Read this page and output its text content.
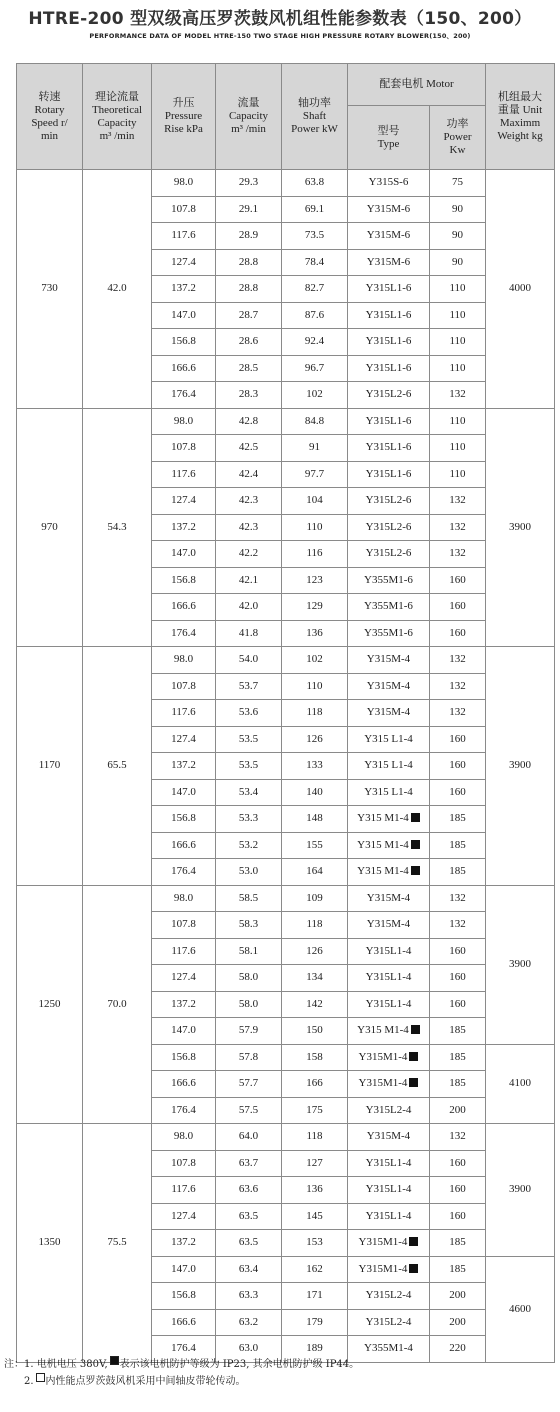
HTRE-200 型双级高压罗茨鼓风机组性能参数表（150、200）
PERFORMANCE DATA OF MODEL HTRE-150 TWO STAGE HIGH PRESSURE ROTARY BLOWER(150、200)
转速
Rotary
Speed r/
min	理论流量
Theoretical
Capacity
m³ /min	升压
Pressure
Rise kPa	流量
Capacity
m³ /min	轴功率
Shaft
Power kW	配套电机 Motor		机组最大
重量 Unit
Maximm
Weight kg

					型号
Type	功率
Power
Kw	

730	42.0	98.0	29.3	63.8	Y315S-6	75	4000
		107.8	29.1	69.1	Y315M-6	90	
		117.6	28.9	73.5	Y315M-6	90	
		127.4	28.8	78.4	Y315M-6	90	
		137.2	28.8	82.7	Y315L1-6	110	
		147.0	28.7	87.6	Y315L1-6	110	
		156.8	28.6	92.4	Y315L1-6	110	
		166.6	28.5	96.7	Y315L1-6	110	
		176.4	28.3	102	Y315L2-6	132	
970	54.3	98.0	42.8	84.8	Y315L1-6	110	3900
		107.8	42.5	91	Y315L1-6	110	
		117.6	42.4	97.7	Y315L1-6	110	
		127.4	42.3	104	Y315L2-6	132	
		137.2	42.3	110	Y315L2-6	132	
		147.0	42.2	116	Y315L2-6	132	
		156.8	42.1	123	Y355M1-6	160	
		166.6	42.0	129	Y355M1-6	160	
		176.4	41.8	136	Y355M1-6	160	
1170	65.5	98.0	54.0	102	Y315M-4	132	3900
		107.8	53.7	110	Y315M-4	132	
		117.6	53.6	118	Y315M-4	132	
		127.4	53.5	126	Y315 L1-4	160	
		137.2	53.5	133	Y315 L1-4	160	
		147.0	53.4	140	Y315 L1-4	160	
		156.8	53.3	148	Y315 M1-4	185	
		166.6	53.2	155	Y315 M1-4	185	
		176.4	53.0	164	Y315 M1-4	185	
1250	70.0	98.0	58.5	109	Y315M-4	132	3900
		107.8	58.3	118	Y315M-4	132	
		117.6	58.1	126	Y315L1-4	160	
		127.4	58.0	134	Y315L1-4	160	
		137.2	58.0	142	Y315L1-4	160	
		147.0	57.9	150	Y315 M1-4	185	
		156.8	57.8	158	Y315M1-4	185	4100
		166.6	57.7	166	Y315M1-4	185	
		176.4	57.5	175	Y315L2-4	200	
1350	75.5	98.0	64.0	118	Y315M-4	132	3900
		107.8	63.7	127	Y315L1-4	160	
		117.6	63.6	136	Y315L1-4	160	
		127.4	63.5	145	Y315L1-4	160	
		137.2	63.5	153	Y315M1-4	185	
		147.0	63.4	162	Y315M1-4	185	4600
		156.8	63.3	171	Y315L2-4	200	
		166.6	63.2	179	Y315L2-4	200	
		176.4	63.0	189	Y355M1-4	220	
注： 1. 电机电压 380V, 表示该电机防护等级为 IP23, 其余电机防护级 IP44。
2. 内性能点罗茨鼓风机采用中间轴皮带轮传动。
